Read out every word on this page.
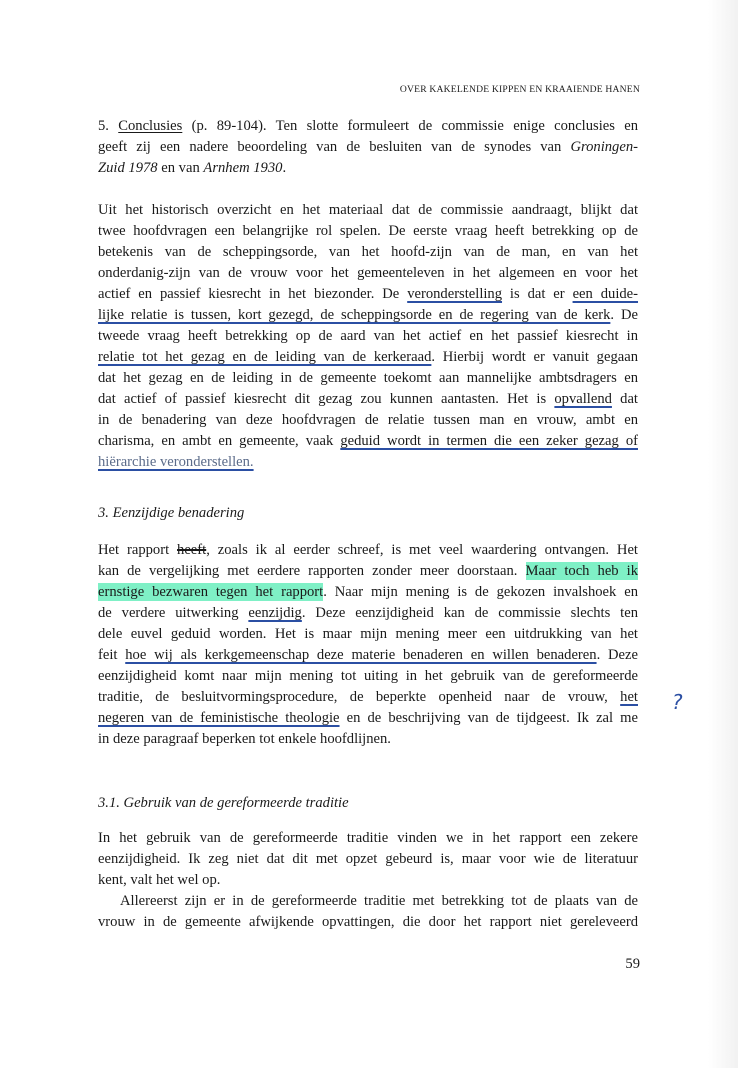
OVER KAKELENDE KIPPEN EN KRAAIENDE HANEN
5. Conclusies (p. 89-104). Ten slotte formuleert de commissie enige conclusies en
geeft zij een nadere beoordeling van de besluiten van de synodes van Groningen-
Zuid 1978 en van Arnhem 1930.
Uit het historisch overzicht en het materiaal dat de commissie aandraagt, blijkt dat
twee hoofdvragen een belangrijke rol spelen. De eerste vraag heeft betrekking op de
betekenis van de scheppingsorde, van het hoofd-zijn van de man, en van het
onderdanig-zijn van de vrouw voor het gemeenteleven in het algemeen en voor het
actief en passief kiesrecht in het biezonder. De veronderstelling is dat er een duide-
lijke relatie is tussen, kort gezegd, de scheppingsorde en de regering van de kerk. De
tweede vraag heeft betrekking op de aard van het actief en het passief kiesrecht in
relatie tot het gezag en de leiding van de kerkeraad. Hierbij wordt er vanuit gegaan
dat het gezag en de leiding in de gemeente toekomt aan mannelijke ambtsdragers en
dat actief of passief kiesrecht dit gezag zou kunnen aantasten. Het is opvallend dat
in de benadering van deze hoofdvragen de relatie tussen man en vrouw, ambt en
charisma, en ambt en gemeente, vaak geduid wordt in termen die een zeker gezag of
hiërarchie veronderstellen.
3. Eenzijdige benadering
Het rapport heeft, zoals ik al eerder schreef, is met veel waardering ontvangen. Het
kan de vergelijking met eerdere rapporten zonder meer doorstaan. Maar toch heb ik
ernstige bezwaren tegen het rapport. Naar mijn mening is de gekozen invalshoek en
de verdere uitwerking eenzijdig. Deze eenzijdigheid kan de commissie slechts ten
dele euvel geduid worden. Het is maar mijn mening meer een uitdrukking van het
feit hoe wij als kerkgemeenschap deze materie benaderen en willen benaderen. Deze
eenzijdigheid komt naar mijn mening tot uiting in het gebruik van de gereformeerde
traditie, de besluitvormingsprocedure, de beperkte openheid naar de vrouw, het
negeren van de feministische theologie en de beschrijving van de tijdgeest. Ik zal me
in deze paragraaf beperken tot enkele hoofdlijnen.
3.1. Gebruik van de gereformeerde traditie
In het gebruik van de gereformeerde traditie vinden we in het rapport een zekere
eenzijdigheid. Ik zeg niet dat dit met opzet gebeurd is, maar voor wie de literatuur
kent, valt het wel op.
Allereerst zijn er in de gereformeerde traditie met betrekking tot de plaats van de
vrouw in de gemeente afwijkende opvattingen, die door het rapport niet gereleveerd
?
59
